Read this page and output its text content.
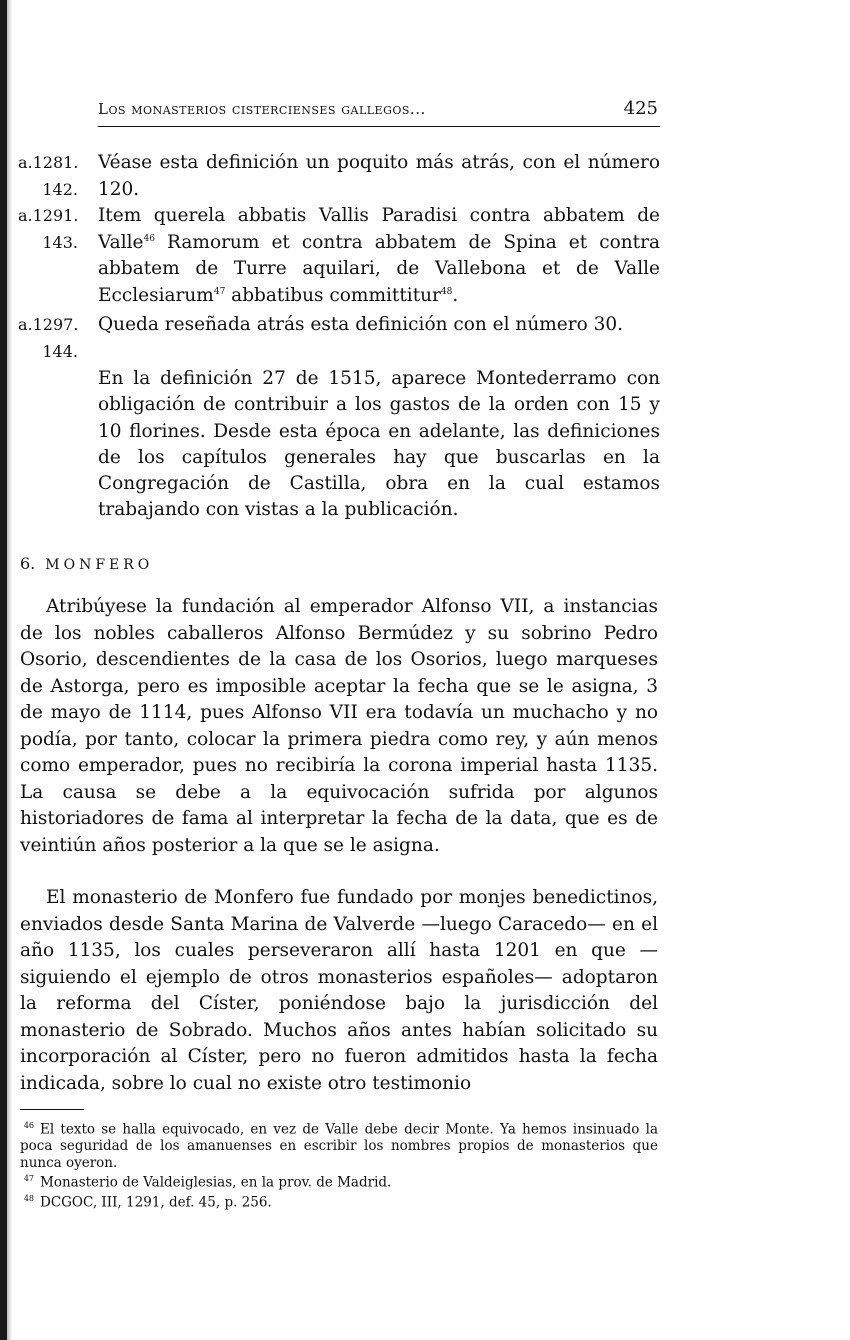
Los monasterios cistercienses gallegos...	425
a.1281.
142.
Véase esta definición un poquito más atrás, con el número 120.
a.1291.
143.
Item querela abbatis Vallis Paradisi contra abbatem de Valle$^{46}$ Ramorum et contra abbatem de Spina et contra abbatem de Turre aquilari, de Vallebona et de Valle Ecclesiarum$^{47}$ abbatibus committitur$^{48}$.
a.1297.
144.
Queda reseñada atrás esta definición con el número 30.
En la definición 27 de 1515, aparece Montederramo con obligación de contribuir a los gastos de la orden con 15 y 10 florines. Desde esta época en adelante, las definiciones de los capítulos generales hay que buscarlas en la Congregación de Castilla, obra en la cual estamos trabajando con vistas a la publicación.
6. MONFERO
Atribúyese la fundación al emperador Alfonso VII, a instancias de los nobles caballeros Alfonso Bermúdez y su sobrino Pedro Osorio, descendientes de la casa de los Osorios, luego marqueses de Astorga, pero es imposible aceptar la fecha que se le asigna, 3 de mayo de 1114, pues Alfonso VII era todavía un muchacho y no podía, por tanto, colocar la primera piedra como rey, y aún menos como emperador, pues no recibiría la corona imperial hasta 1135. La causa se debe a la equivocación sufrida por algunos historiadores de fama al interpretar la fecha de la data, que es de veintiún años posterior a la que se le asigna.
El monasterio de Monfero fue fundado por monjes benedictinos, enviados desde Santa Marina de Valverde —luego Caracedo— en el año 1135, los cuales perseveraron allí hasta 1201 en que —siguiendo el ejemplo de otros monasterios españoles— adoptaron la reforma del Císter, poniéndose bajo la jurisdicción del monasterio de Sobrado. Muchos años antes habían solicitado su incorporación al Císter, pero no fueron admitidos hasta la fecha indicada, sobre lo cual no existe otro testimonio

46 El texto se halla equivocado, en vez de Valle debe decir Monte. Ya hemos insinuado la poca seguridad de los amanuenses en escribir los nombres propios de monasterios que nunca oyeron.

47 Monasterio de Valdeiglesias, en la prov. de Madrid.

48 DCGOC, III, 1291, def. 45, p. 256.
